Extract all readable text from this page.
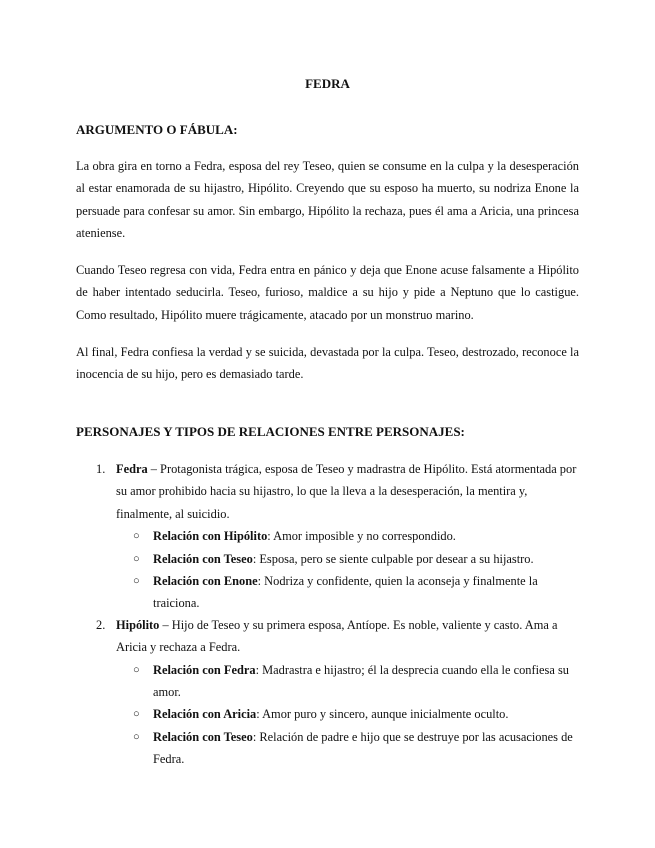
FEDRA
ARGUMENTO O FÁBULA:

La obra gira en torno a Fedra, esposa del rey Teseo, quien se consume en la culpa y la desesperación al estar enamorada de su hijastro, Hipólito. Creyendo que su esposo ha muerto, su nodriza Enone la persuade para confesar su amor. Sin embargo, Hipólito la rechaza, pues él ama a Aricia, una princesa ateniense.

Cuando Teseo regresa con vida, Fedra entra en pánico y deja que Enone acuse falsamente a Hipólito de haber intentado seducirla. Teseo, furioso, maldice a su hijo y pide a Neptuno que lo castigue. Como resultado, Hipólito muere trágicamente, atacado por un monstruo marino.

Al final, Fedra confiesa la verdad y se suicida, devastada por la culpa. Teseo, destrozado, reconoce la inocencia de su hijo, pero es demasiado tarde.

PERSONAJES Y TIPOS DE RELACIONES ENTRE PERSONAJES:
1. Fedra – Protagonista trágica, esposa de Teseo y madrastra de Hipólito. Está atormentada por su amor prohibido hacia su hijastro, lo que la lleva a la desesperación, la mentira y, finalmente, al suicidio.
○ Relación con Hipólito: Amor imposible y no correspondido.
○ Relación con Teseo: Esposa, pero se siente culpable por desear a su hijastro.
○ Relación con Enone: Nodriza y confidente, quien la aconseja y finalmente la traiciona.
2. Hipólito – Hijo de Teseo y su primera esposa, Antíope. Es noble, valiente y casto. Ama a Aricia y rechaza a Fedra.
○ Relación con Fedra: Madrastra e hijastro; él la desprecia cuando ella le confiesa su amor.
○ Relación con Aricia: Amor puro y sincero, aunque inicialmente oculto.
○ Relación con Teseo: Relación de padre e hijo que se destruye por las acusaciones de Fedra.
